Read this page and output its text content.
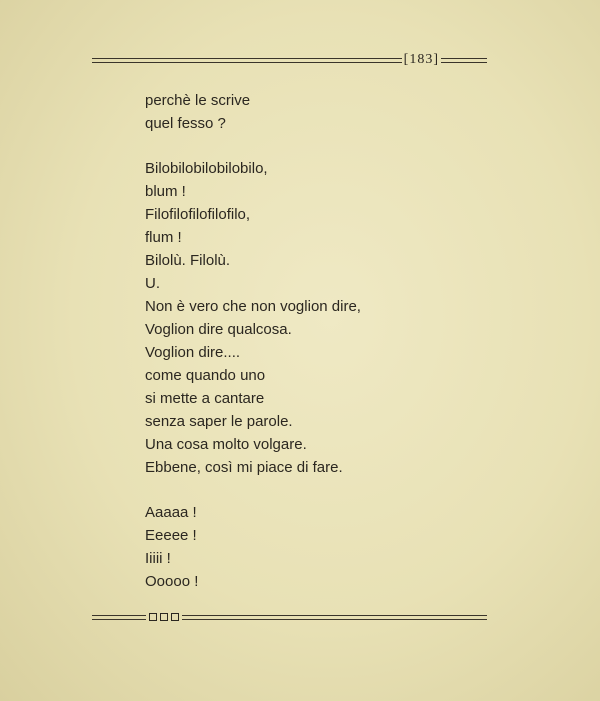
[183]
perchè le scrive
quel fesso ?
Bilobilobilobilobilo,
blum !
Filofilofilofilofilo,
flum !
Bilolù. Filolù.
U.
Non è vero che non voglion dire,
Voglion dire qualcosa.
Voglion dire....
come quando uno
si mette a cantare
senza saper le parole.
Una cosa molto volgare.
Ebbene, così mi piace di fare.
Aaaaa !
Eeeee !
Iiiii !
Ooooo !
